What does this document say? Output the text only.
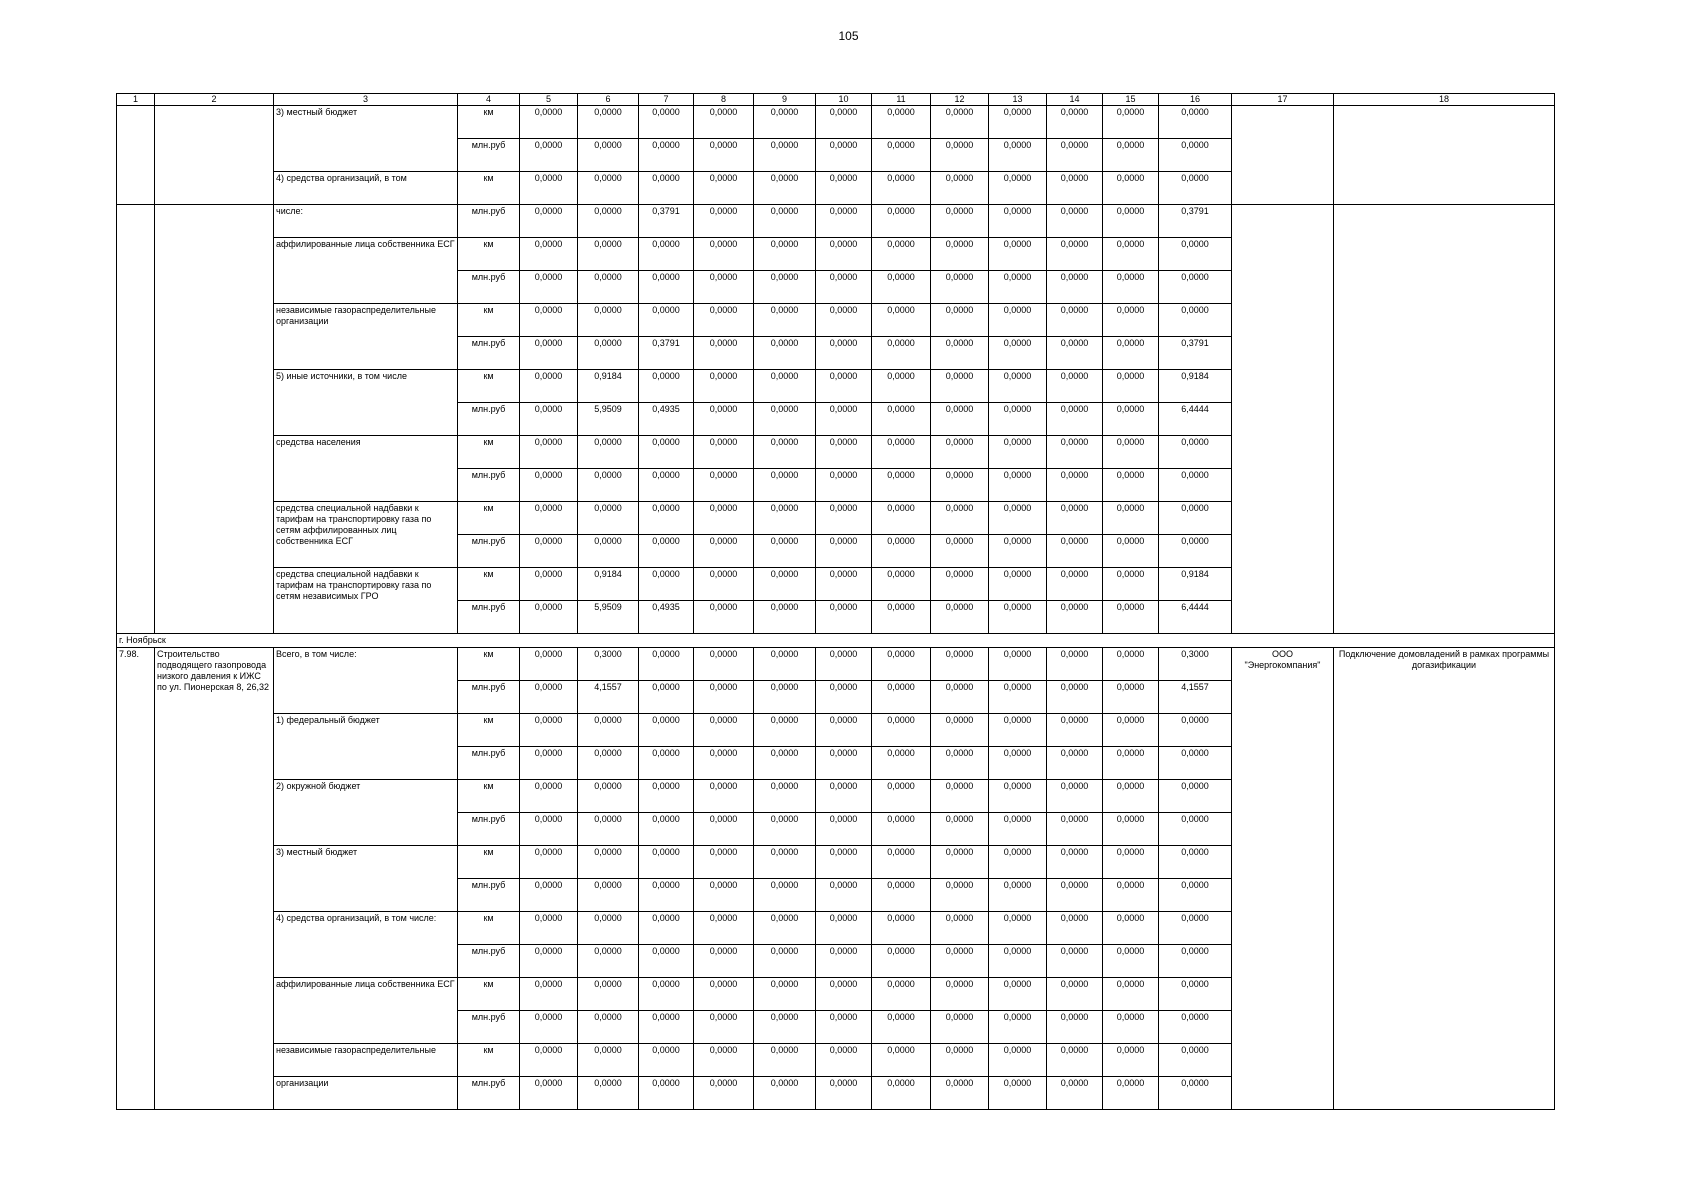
105
1	2	3	4	5	6	7	8	9	10	11	12	13	14	15	16	17	18
		3) местный бюджет	км	0,0000	0,0000	0,0000	0,0000	0,0000	0,0000	0,0000	0,0000	0,0000	0,0000	0,0000	0,0000		
			млн.руб	0,0000	0,0000	0,0000	0,0000	0,0000	0,0000	0,0000	0,0000	0,0000	0,0000	0,0000	0,0000		
		4) средства организаций, в том	км	0,0000	0,0000	0,0000	0,0000	0,0000	0,0000	0,0000	0,0000	0,0000	0,0000	0,0000	0,0000		
		числе:	млн.руб	0,0000	0,0000	0,3791	0,0000	0,0000	0,0000	0,0000	0,0000	0,0000	0,0000	0,0000	0,3791		
		аффилированные лица собственника ЕСГ	км	0,0000	0,0000	0,0000	0,0000	0,0000	0,0000	0,0000	0,0000	0,0000	0,0000	0,0000	0,0000		
			млн.руб	0,0000	0,0000	0,0000	0,0000	0,0000	0,0000	0,0000	0,0000	0,0000	0,0000	0,0000	0,0000		
		независимые газораспределительные организации	км	0,0000	0,0000	0,0000	0,0000	0,0000	0,0000	0,0000	0,0000	0,0000	0,0000	0,0000	0,0000		
			млн.руб	0,0000	0,0000	0,3791	0,0000	0,0000	0,0000	0,0000	0,0000	0,0000	0,0000	0,0000	0,3791		
		5) иные источники, в том числе	км	0,0000	0,9184	0,0000	0,0000	0,0000	0,0000	0,0000	0,0000	0,0000	0,0000	0,0000	0,9184		
			млн.руб	0,0000	5,9509	0,4935	0,0000	0,0000	0,0000	0,0000	0,0000	0,0000	0,0000	0,0000	6,4444		
		средства населения	км	0,0000	0,0000	0,0000	0,0000	0,0000	0,0000	0,0000	0,0000	0,0000	0,0000	0,0000	0,0000		
			млн.руб	0,0000	0,0000	0,0000	0,0000	0,0000	0,0000	0,0000	0,0000	0,0000	0,0000	0,0000	0,0000		
		средства специальной надбавки к тарифам на транспортировку газа по сетям аффилированных лиц собственника ЕСГ	км	0,0000	0,0000	0,0000	0,0000	0,0000	0,0000	0,0000	0,0000	0,0000	0,0000	0,0000	0,0000		
			млн.руб	0,0000	0,0000	0,0000	0,0000	0,0000	0,0000	0,0000	0,0000	0,0000	0,0000	0,0000	0,0000		
		средства специальной надбавки к тарифам на транспортировку газа по сетям независимых ГРО	км	0,0000	0,9184	0,0000	0,0000	0,0000	0,0000	0,0000	0,0000	0,0000	0,0000	0,0000	0,9184		
			млн.руб	0,0000	5,9509	0,4935	0,0000	0,0000	0,0000	0,0000	0,0000	0,0000	0,0000	0,0000	6,4444		
г. Ноябрьск																	
7.98.	Строительство подводящего газопровода низкого давления к ИЖС по ул. Пионерская 8, 26,32	Всего, в том числе:	км	0,0000	0,3000	0,0000	0,0000	0,0000	0,0000	0,0000	0,0000	0,0000	0,0000	0,0000	0,3000	ООО "Энергокомпания"	Подключение домовладений в рамках программы догазификации
			млн.руб	0,0000	4,1557	0,0000	0,0000	0,0000	0,0000	0,0000	0,0000	0,0000	0,0000	0,0000	4,1557		
		1) федеральный бюджет	км	0,0000	0,0000	0,0000	0,0000	0,0000	0,0000	0,0000	0,0000	0,0000	0,0000	0,0000	0,0000		
			млн.руб	0,0000	0,0000	0,0000	0,0000	0,0000	0,0000	0,0000	0,0000	0,0000	0,0000	0,0000	0,0000		
		2) окружной бюджет	км	0,0000	0,0000	0,0000	0,0000	0,0000	0,0000	0,0000	0,0000	0,0000	0,0000	0,0000	0,0000		
			млн.руб	0,0000	0,0000	0,0000	0,0000	0,0000	0,0000	0,0000	0,0000	0,0000	0,0000	0,0000	0,0000		
		3) местный бюджет	км	0,0000	0,0000	0,0000	0,0000	0,0000	0,0000	0,0000	0,0000	0,0000	0,0000	0,0000	0,0000		
			млн.руб	0,0000	0,0000	0,0000	0,0000	0,0000	0,0000	0,0000	0,0000	0,0000	0,0000	0,0000	0,0000		
		4) средства организаций, в том числе:	км	0,0000	0,0000	0,0000	0,0000	0,0000	0,0000	0,0000	0,0000	0,0000	0,0000	0,0000	0,0000		
			млн.руб	0,0000	0,0000	0,0000	0,0000	0,0000	0,0000	0,0000	0,0000	0,0000	0,0000	0,0000	0,0000		
		аффилированные лица собственника ЕСГ	км	0,0000	0,0000	0,0000	0,0000	0,0000	0,0000	0,0000	0,0000	0,0000	0,0000	0,0000	0,0000		
			млн.руб	0,0000	0,0000	0,0000	0,0000	0,0000	0,0000	0,0000	0,0000	0,0000	0,0000	0,0000	0,0000		
		независимые газораспределительные	км	0,0000	0,0000	0,0000	0,0000	0,0000	0,0000	0,0000	0,0000	0,0000	0,0000	0,0000	0,0000		
		организации	млн.руб	0,0000	0,0000	0,0000	0,0000	0,0000	0,0000	0,0000	0,0000	0,0000	0,0000	0,0000	0,0000		
